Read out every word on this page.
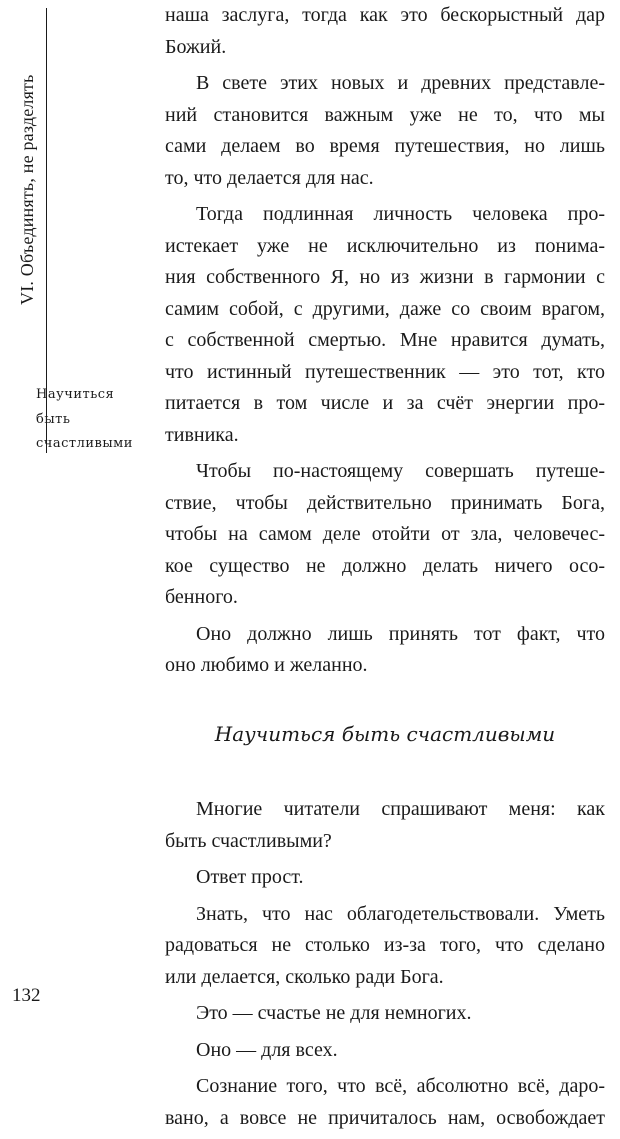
VI. Объединять, не разделять
Научиться
быть
счастливыми
наша заслуга, тогда как это бескорыстный дар
Божий.
В свете этих новых и древних представле-
ний становится важным уже не то, что мы
сами делаем во время путешествия, но лишь
то, что делается для нас.
Тогда подлинная личность человека про-
истекает уже не исключительно из понима-
ния собственного Я, но из жизни в гармонии с
самим собой, с другими, даже со своим врагом,
с собственной смертью. Мне нравится думать,
что истинный путешественник — это тот, кто
питается в том числе и за счёт энергии про-
тивника.
Чтобы по-настоящему совершать путеше-
ствие, чтобы действительно принимать Бога,
чтобы на самом деле отойти от зла, человечес-
кое существо не должно делать ничего осо-
бенного.
Оно должно лишь принять тот факт, что
оно любимо и желанно.
Научиться быть счастливыми
Многие читатели спрашивают меня: как
быть счастливыми?
Ответ прост.
Знать, что нас облагодетельствовали. Уметь
радоваться не столько из-за того, что сделано
или делается, сколько ради Бога.
Это — счастье не для немногих.
Оно — для всех.
Сознание того, что всё, абсолютно всё, даро-
вано, а вовсе не причиталось нам, освобождает
132
